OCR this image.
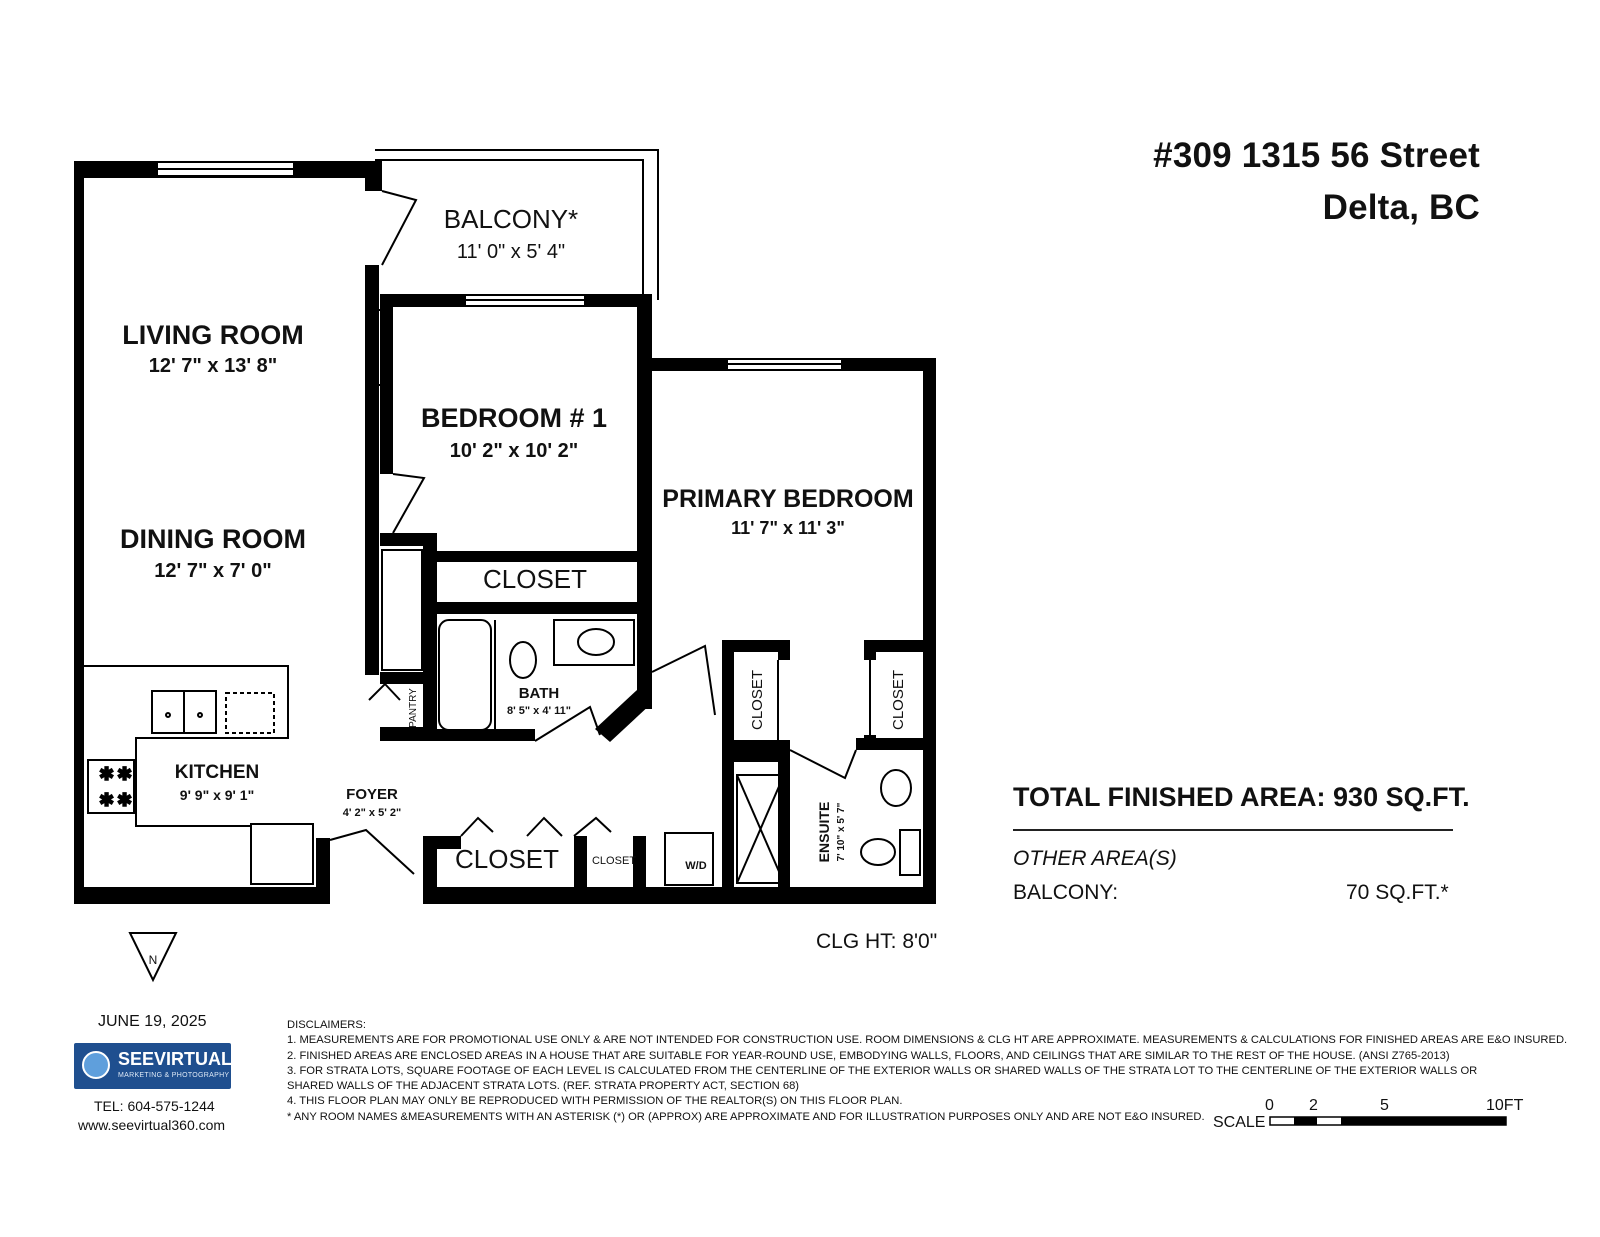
✱ ✱
✱ ✱
BALCONY*
11' 0" x 5' 4"
LIVING ROOM
12' 7" x 13' 8"
DINING ROOM
12' 7" x 7' 0"
BEDROOM # 1
10' 2" x 10' 2"
PRIMARY BEDROOM
11' 7" x 11' 3"
CLOSET
BATH
8' 5" x 4' 11"
KITCHEN
9' 9" x 9' 1"	FOYER
4' 2" x 5' 2"
CLOSET	CLOSET	W/D
N
PANTRY	CLOSET	CLOSET
ENSUITE 7' 10" x 5' 7"
#309 1315 56 Street
Delta, BC
TOTAL FINISHED AREA: 930 SQ.FT.
OTHER AREA(S)
BALCONY:	70 SQ.FT.*
CLG HT: 8'0"
JUNE 19, 2025
SEEVIRTUAL
MARKETING & PHOTOGRAPHY
TEL: 604-575-1244
www.seevirtual360.com
DISCLAIMERS:
1. MEASUREMENTS ARE FOR PROMOTIONAL USE ONLY & ARE NOT INTENDED FOR CONSTRUCTION USE. ROOM DIMENSIONS & CLG HT ARE APPROXIMATE. MEASUREMENTS & CALCULATIONS FOR FINISHED AREAS ARE E&O INSURED.
2. FINISHED AREAS ARE ENCLOSED AREAS IN A HOUSE THAT ARE SUITABLE FOR YEAR-ROUND USE, EMBODYING WALLS, FLOORS, AND CEILINGS THAT ARE SIMILAR TO THE REST OF THE HOUSE. (ANSI Z765-2013)
3. FOR STRATA LOTS, SQUARE FOOTAGE OF EACH LEVEL IS CALCULATED FROM THE CENTERLINE OF THE EXTERIOR WALLS OR SHARED WALLS OF THE STRATA LOT TO THE CENTERLINE OF THE EXTERIOR WALLS OR
SHARED WALLS OF THE ADJACENT STRATA LOTS. (REF. STRATA PROPERTY ACT, SECTION 68)
4. THIS FLOOR PLAN MAY ONLY BE REPRODUCED WITH PERMISSION OF THE REALTOR(S) ON THIS FLOOR PLAN.
* ANY ROOM NAMES &MEASUREMENTS WITH AN ASTERISK (*) OR (APPROX) ARE APPROXIMATE AND FOR ILLUSTRATION PURPOSES ONLY AND ARE NOT E&O INSURED. SCALE
0 2	5	10FT
